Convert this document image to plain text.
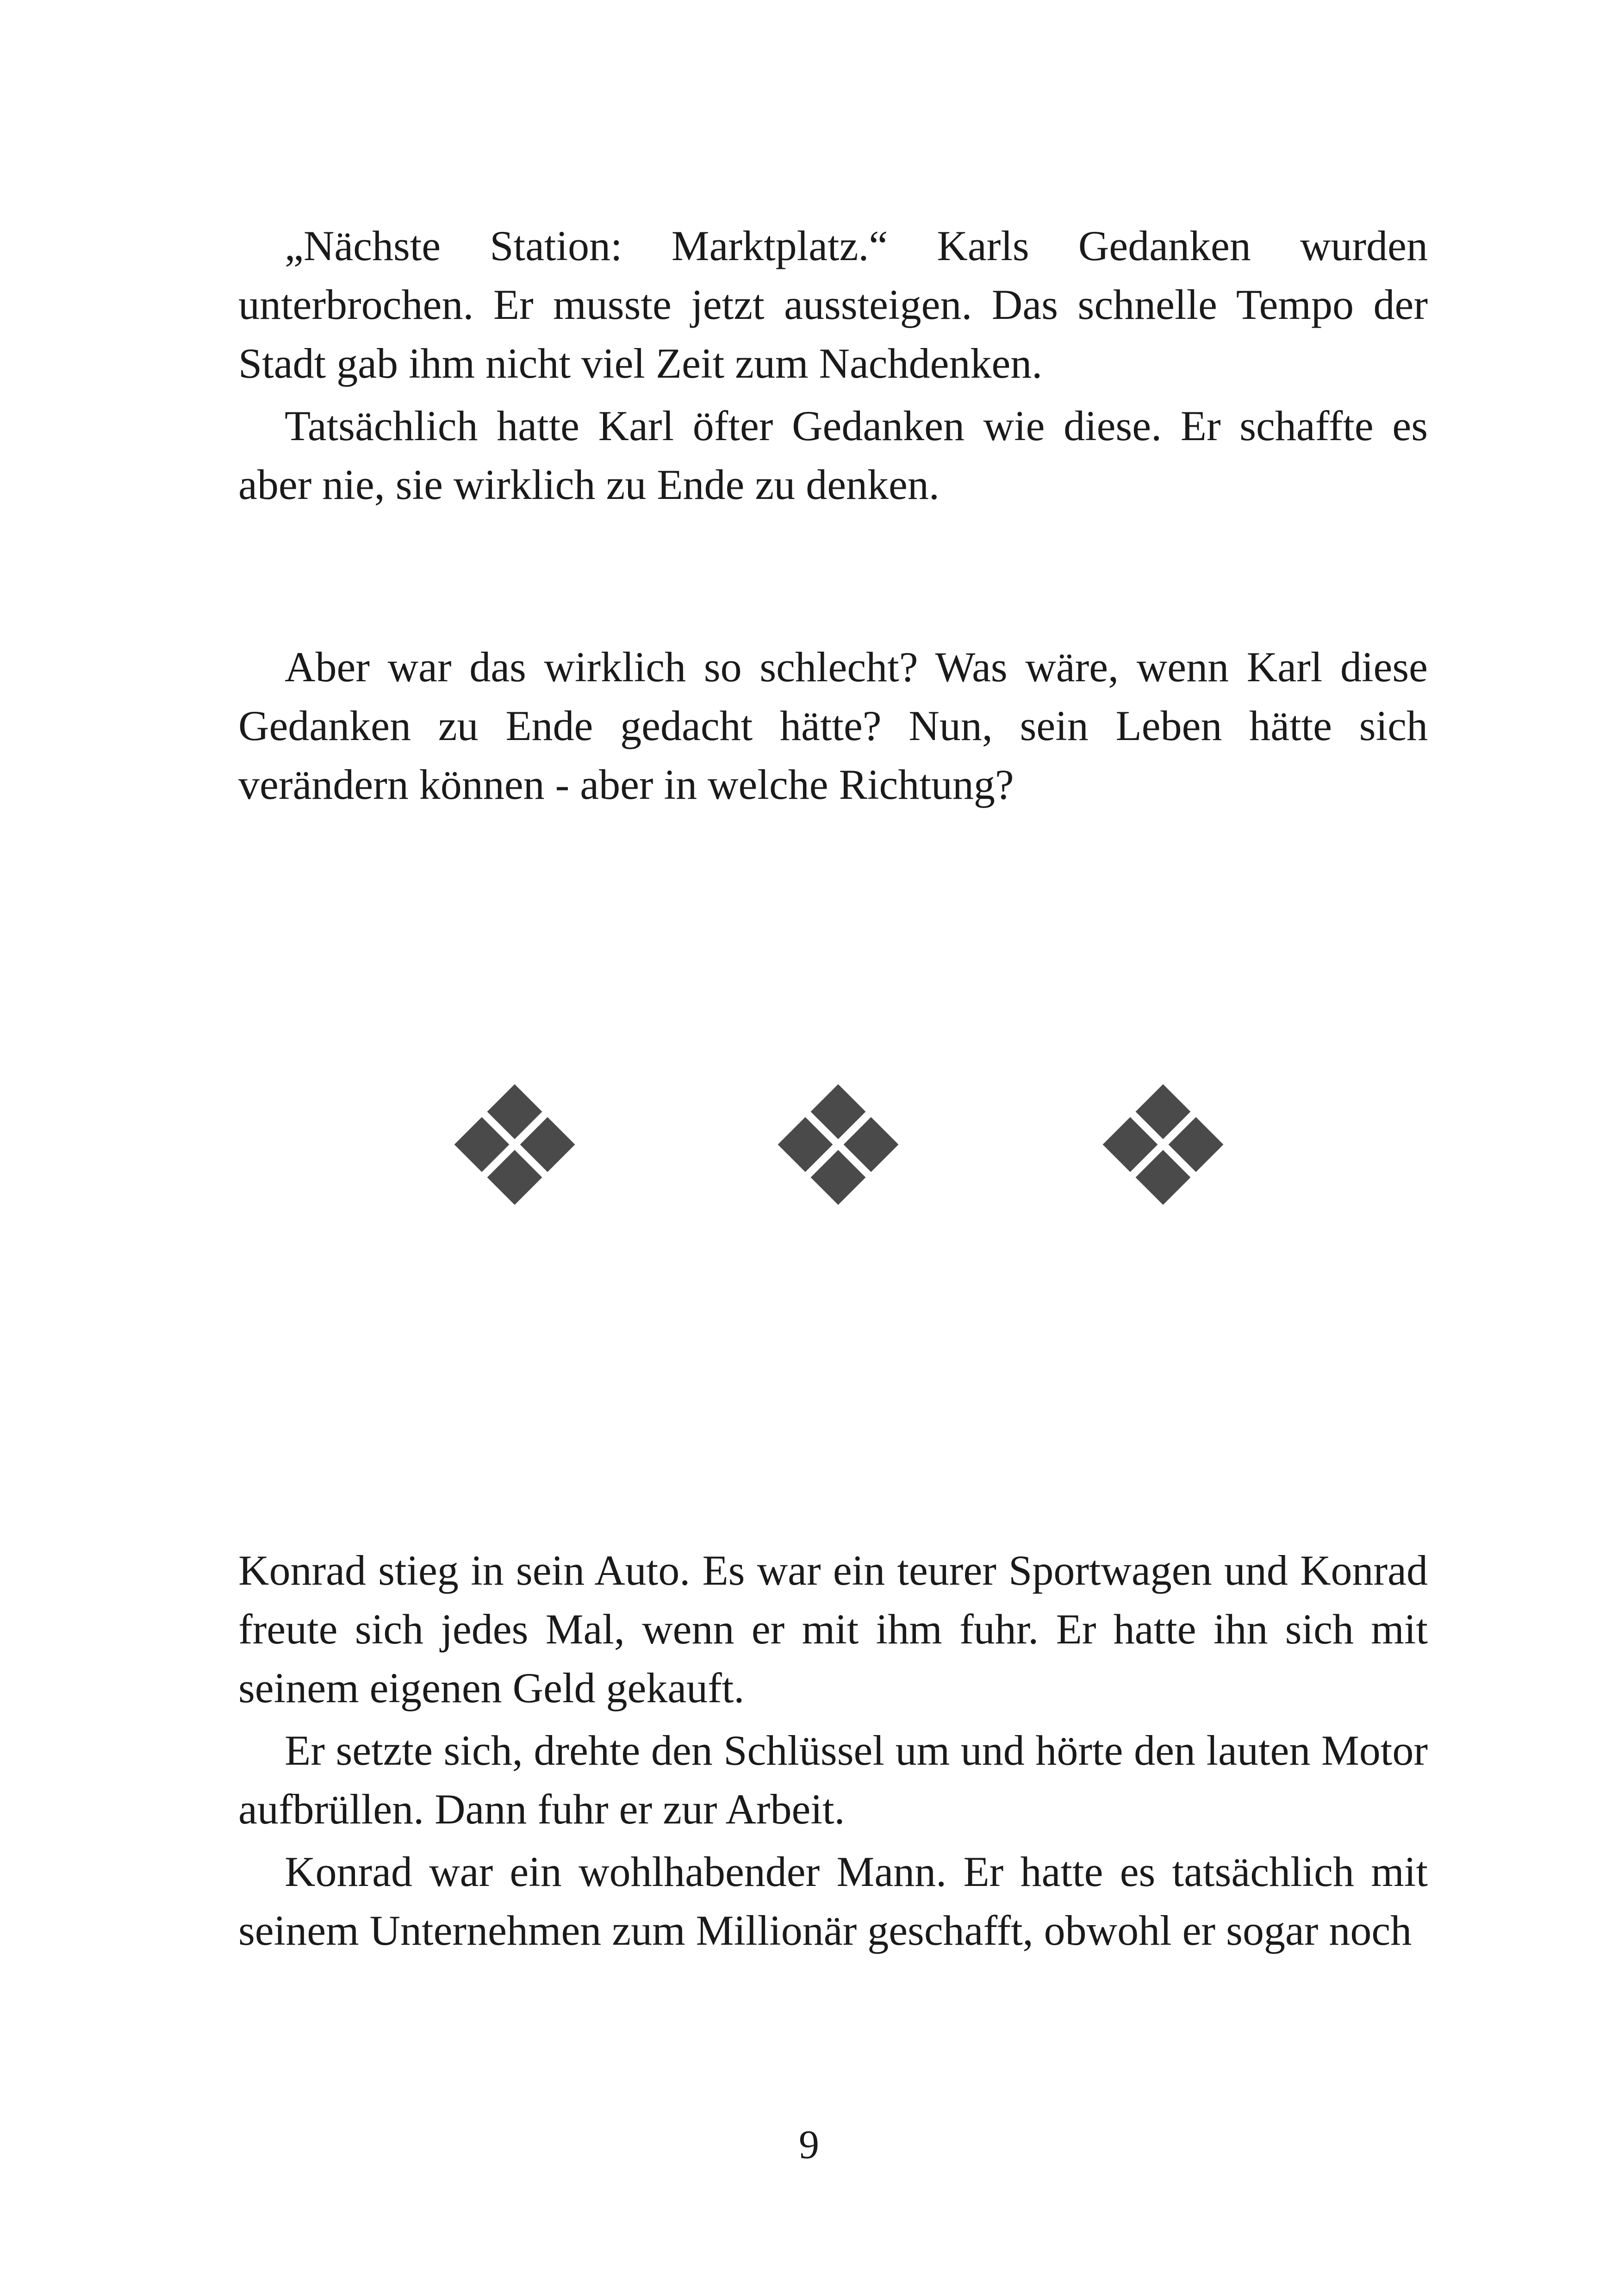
„Nächste Station: Marktplatz.“ Karls Gedanken wurden unterbrochen. Er musste jetzt aussteigen. Das schnelle Tempo der Stadt gab ihm nicht viel Zeit zum Nachdenken.

Tatsächlich hatte Karl öfter Gedanken wie diese. Er schaffte es aber nie, sie wirklich zu Ende zu denken.

Aber war das wirklich so schlecht? Was wäre, wenn Karl diese Gedanken zu Ende gedacht hätte? Nun, sein Leben hätte sich verändern können - aber in welche Richtung?

Konrad stieg in sein Auto. Es war ein teurer Sportwagen und Konrad freute sich jedes Mal, wenn er mit ihm fuhr. Er hatte ihn sich mit seinem eigenen Geld gekauft.

Er setzte sich, drehte den Schlüssel um und hörte den lauten Motor aufbrüllen. Dann fuhr er zur Arbeit.

Konrad war ein wohlhabender Mann. Er hatte es tatsächlich mit seinem Unternehmen zum Millionär geschafft, obwohl er sogar noch

9
